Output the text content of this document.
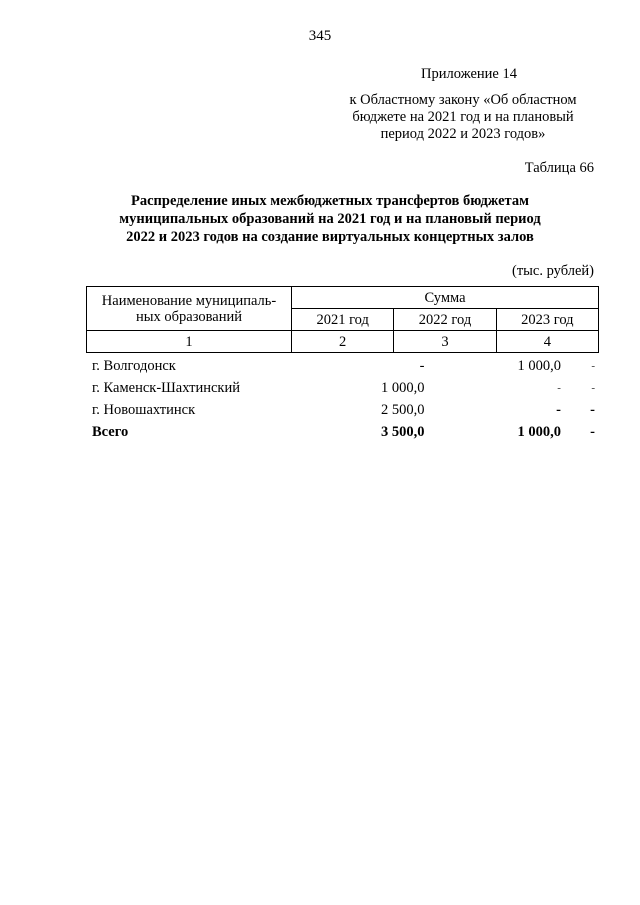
345
Приложение 14
к Областному закону «Об областном
бюджете на 2021 год и на плановый
период 2022 и 2023 годов»
Таблица 66
Распределение иных межбюджетных трансфертов бюджетам
муниципальных образований на 2021 год и на плановый период
2022 и 2023 годов на создание виртуальных концертных залов
(тыс. рублей)
Наименование муниципаль-
ных образований	Сумма		
	2021 год	2022 год	2023 год
1	2	3	4
г. Волгодонск	-	1 000,0	-
г. Каменск-Шахтинский	1 000,0	-	-
г. Новошахтинск	2 500,0	-	-
Всего	3 500,0	1 000,0	-
